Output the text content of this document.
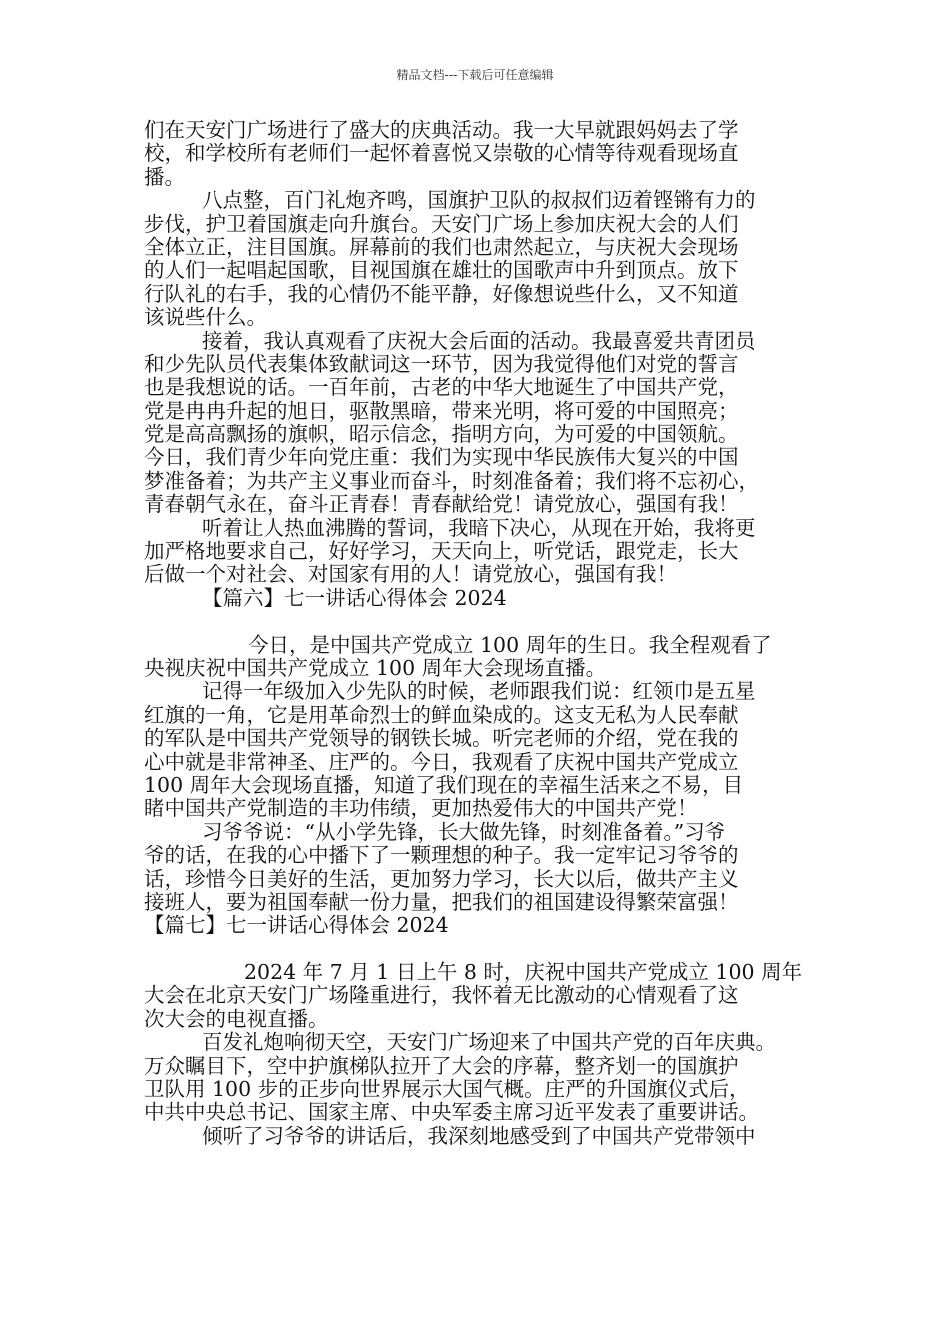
精品文档---下载后可任意编辑
们在天安门广场进行了盛大的庆典活动。我一大早就跟妈妈去了学
校，和学校所有老师们一起怀着喜悦又崇敬的心情等待观看现场直
播。
八点整，百门礼炮齐鸣，国旗护卫队的叔叔们迈着铿锵有力的
步伐，护卫着国旗走向升旗台。天安门广场上参加庆祝大会的人们
全体立正，注目国旗。屏幕前的我们也肃然起立，与庆祝大会现场
的人们一起唱起国歌，目视国旗在雄壮的国歌声中升到顶点。放下
行队礼的右手，我的心情仍不能平静，好像想说些什么，又不知道
该说些什么。
接着，我认真观看了庆祝大会后面的活动。我最喜爱共青团员
和少先队员代表集体致献词这一环节，因为我觉得他们对党的誓言
也是我想说的话。一百年前，古老的中华大地诞生了中国共产党，
党是冉冉升起的旭日，驱散黑暗，带来光明，将可爱的中国照亮；
党是高高飘扬的旗帜，昭示信念，指明方向，为可爱的中国领航。
今日，我们青少年向党庄重：我们为实现中华民族伟大复兴的中国
梦准备着；为共产主义事业而奋斗，时刻准备着；我们将不忘初心，
青春朝气永在，奋斗正青春！青春献给党！请党放心，强国有我！
听着让人热血沸腾的誓词，我暗下决心，从现在开始，我将更
加严格地要求自己，好好学习，天天向上，听党话，跟党走，长大
后做一个对社会、对国家有用的人！请党放心，强国有我！
【篇六】七一讲话心得体会 2024
今日，是中国共产党成立 100 周年的生日。我全程观看了
央视庆祝中国共产党成立 100 周年大会现场直播。
记得一年级加入少先队的时候，老师跟我们说：红领巾是五星
红旗的一角，它是用革命烈士的鲜血染成的。这支无私为人民奉献
的军队是中国共产党领导的钢铁长城。听完老师的介绍，党在我的
心中就是非常神圣、庄严的。今日，我观看了庆祝中国共产党成立
100 周年大会现场直播，知道了我们现在的幸福生活来之不易，目
睹中国共产党制造的丰功伟绩，更加热爱伟大的中国共产党！
习爷爷说：“从小学先锋，长大做先锋，时刻准备着。”习爷
爷的话，在我的心中播下了一颗理想的种子。我一定牢记习爷爷的
话，珍惜今日美好的生活，更加努力学习，长大以后，做共产主义
接班人，要为祖国奉献一份力量，把我们的祖国建设得繁荣富强！
【篇七】七一讲话心得体会 2024
2024 年 7 月 1 日上午 8 时，庆祝中国共产党成立 100 周年
大会在北京天安门广场隆重进行，我怀着无比激动的心情观看了这
次大会的电视直播。
百发礼炮响彻天空，天安门广场迎来了中国共产党的百年庆典。
万众瞩目下，空中护旗梯队拉开了大会的序幕，整齐划一的国旗护
卫队用 100 步的正步向世界展示大国气概。庄严的升国旗仪式后，
中共中央总书记、国家主席、中央军委主席习近平发表了重要讲话。
倾听了习爷爷的讲话后，我深刻地感受到了中国共产党带领中
